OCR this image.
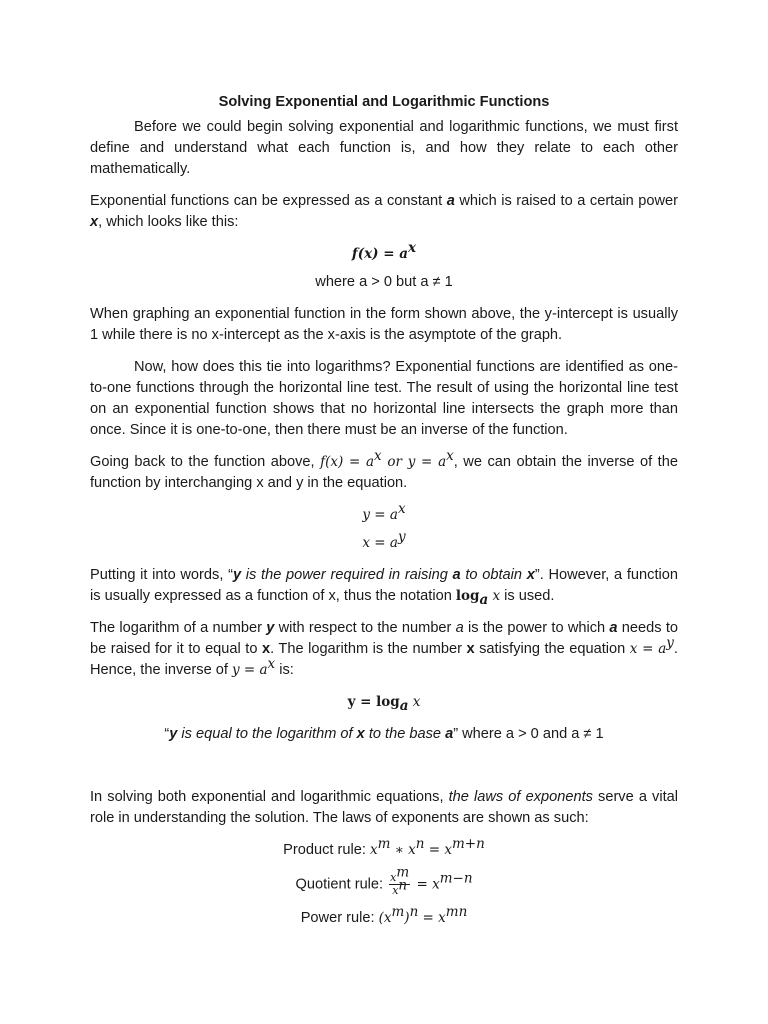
Solving Exponential and Logarithmic Functions

Before we could begin solving exponential and logarithmic functions, we must first define and understand what each function is, and how they relate to each other mathematically.

Exponential functions can be expressed as a constant a which is raised to a certain power x, which looks like this:

$f(x) = a^x$

where a > 0 but a ≠ 1

When graphing an exponential function in the form shown above, the y-intercept is usually 1 while there is no x-intercept as the x-axis is the asymptote of the graph.

Now, how does this tie into logarithms? Exponential functions are identified as one-to-one functions through the horizontal line test. The result of using the horizontal line test on an exponential function shows that no horizontal line intersects the graph more than once. Since it is one-to-one, then there must be an inverse of the function.

Going back to the function above, $f(x) = a^x$ or $y = a^x$, we can obtain the inverse of the function by interchanging x and y in the equation.

$y = a^x$

$x = a^y$

Putting it into words, “y is the power required in raising a to obtain x”. However, a function is usually expressed as a function of x, thus the notation $\log_a x$ is used.

The logarithm of a number y with respect to the number a is the power to which a needs to be raised for it to equal to x. The logarithm is the number x satisfying the equation $x = a^y$. Hence, the inverse of $y = a^x$ is:

$y = \log_a x$

“y is equal to the logarithm of x to the base a” where a > 0 and a ≠ 1

In solving both exponential and logarithmic equations, the laws of exponents serve a vital role in understanding the solution. The laws of exponents are shown as such:

Product rule: $x^m$ ∗ $x^n = x^{m+n}$

Quotient rule: $\frac{x^m}{x^n} = x^{m-n}$

Power rule: $(x^m)^n = x^{mn}$
